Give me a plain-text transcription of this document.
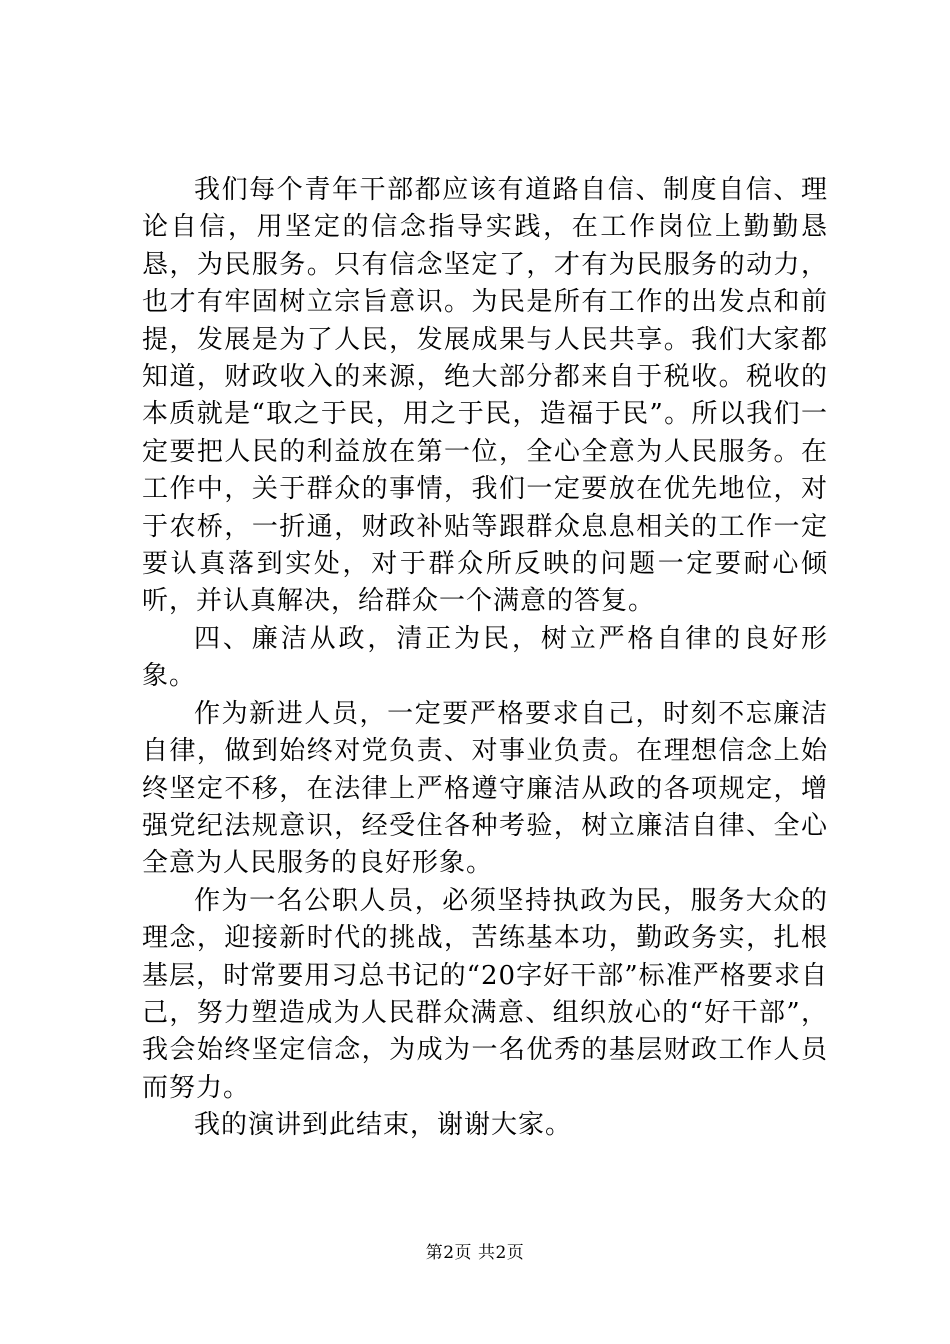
我们每个青年干部都应该有道路自信、制度自信、理论自信，用坚定的信念指导实践，在工作岗位上勤勤恳恳，为民服务。只有信念坚定了，才有为民服务的动力，也才有牢固树立宗旨意识。为民是所有工作的出发点和前提，发展是为了人民，发展成果与人民共享。我们大家都知道，财政收入的来源，绝大部分都来自于税收。税收的本质就是“取之于民，用之于民，造福于民”。所以我们一定要把人民的利益放在第一位，全心全意为人民服务。在工作中，关于群众的事情，我们一定要放在优先地位，对于农桥，一折通，财政补贴等跟群众息息相关的工作一定要认真落到实处，对于群众所反映的问题一定要耐心倾听，并认真解决，给群众一个满意的答复。

四、廉洁从政，清正为民，树立严格自律的良好形象。

作为新进人员，一定要严格要求自己，时刻不忘廉洁自律，做到始终对党负责、对事业负责。在理想信念上始终坚定不移，在法律上严格遵守廉洁从政的各项规定，增强党纪法规意识，经受住各种考验，树立廉洁自律、全心全意为人民服务的良好形象。

作为一名公职人员，必须坚持执政为民，服务大众的理念，迎接新时代的挑战，苦练基本功，勤政务实，扎根基层，时常要用习总书记的“20字好干部”标准严格要求自己，努力塑造成为人民群众满意、组织放心的“好干部”，我会始终坚定信念，为成为一名优秀的基层财政工作人员而努力。

我的演讲到此结束，谢谢大家。

第2页 共2页
